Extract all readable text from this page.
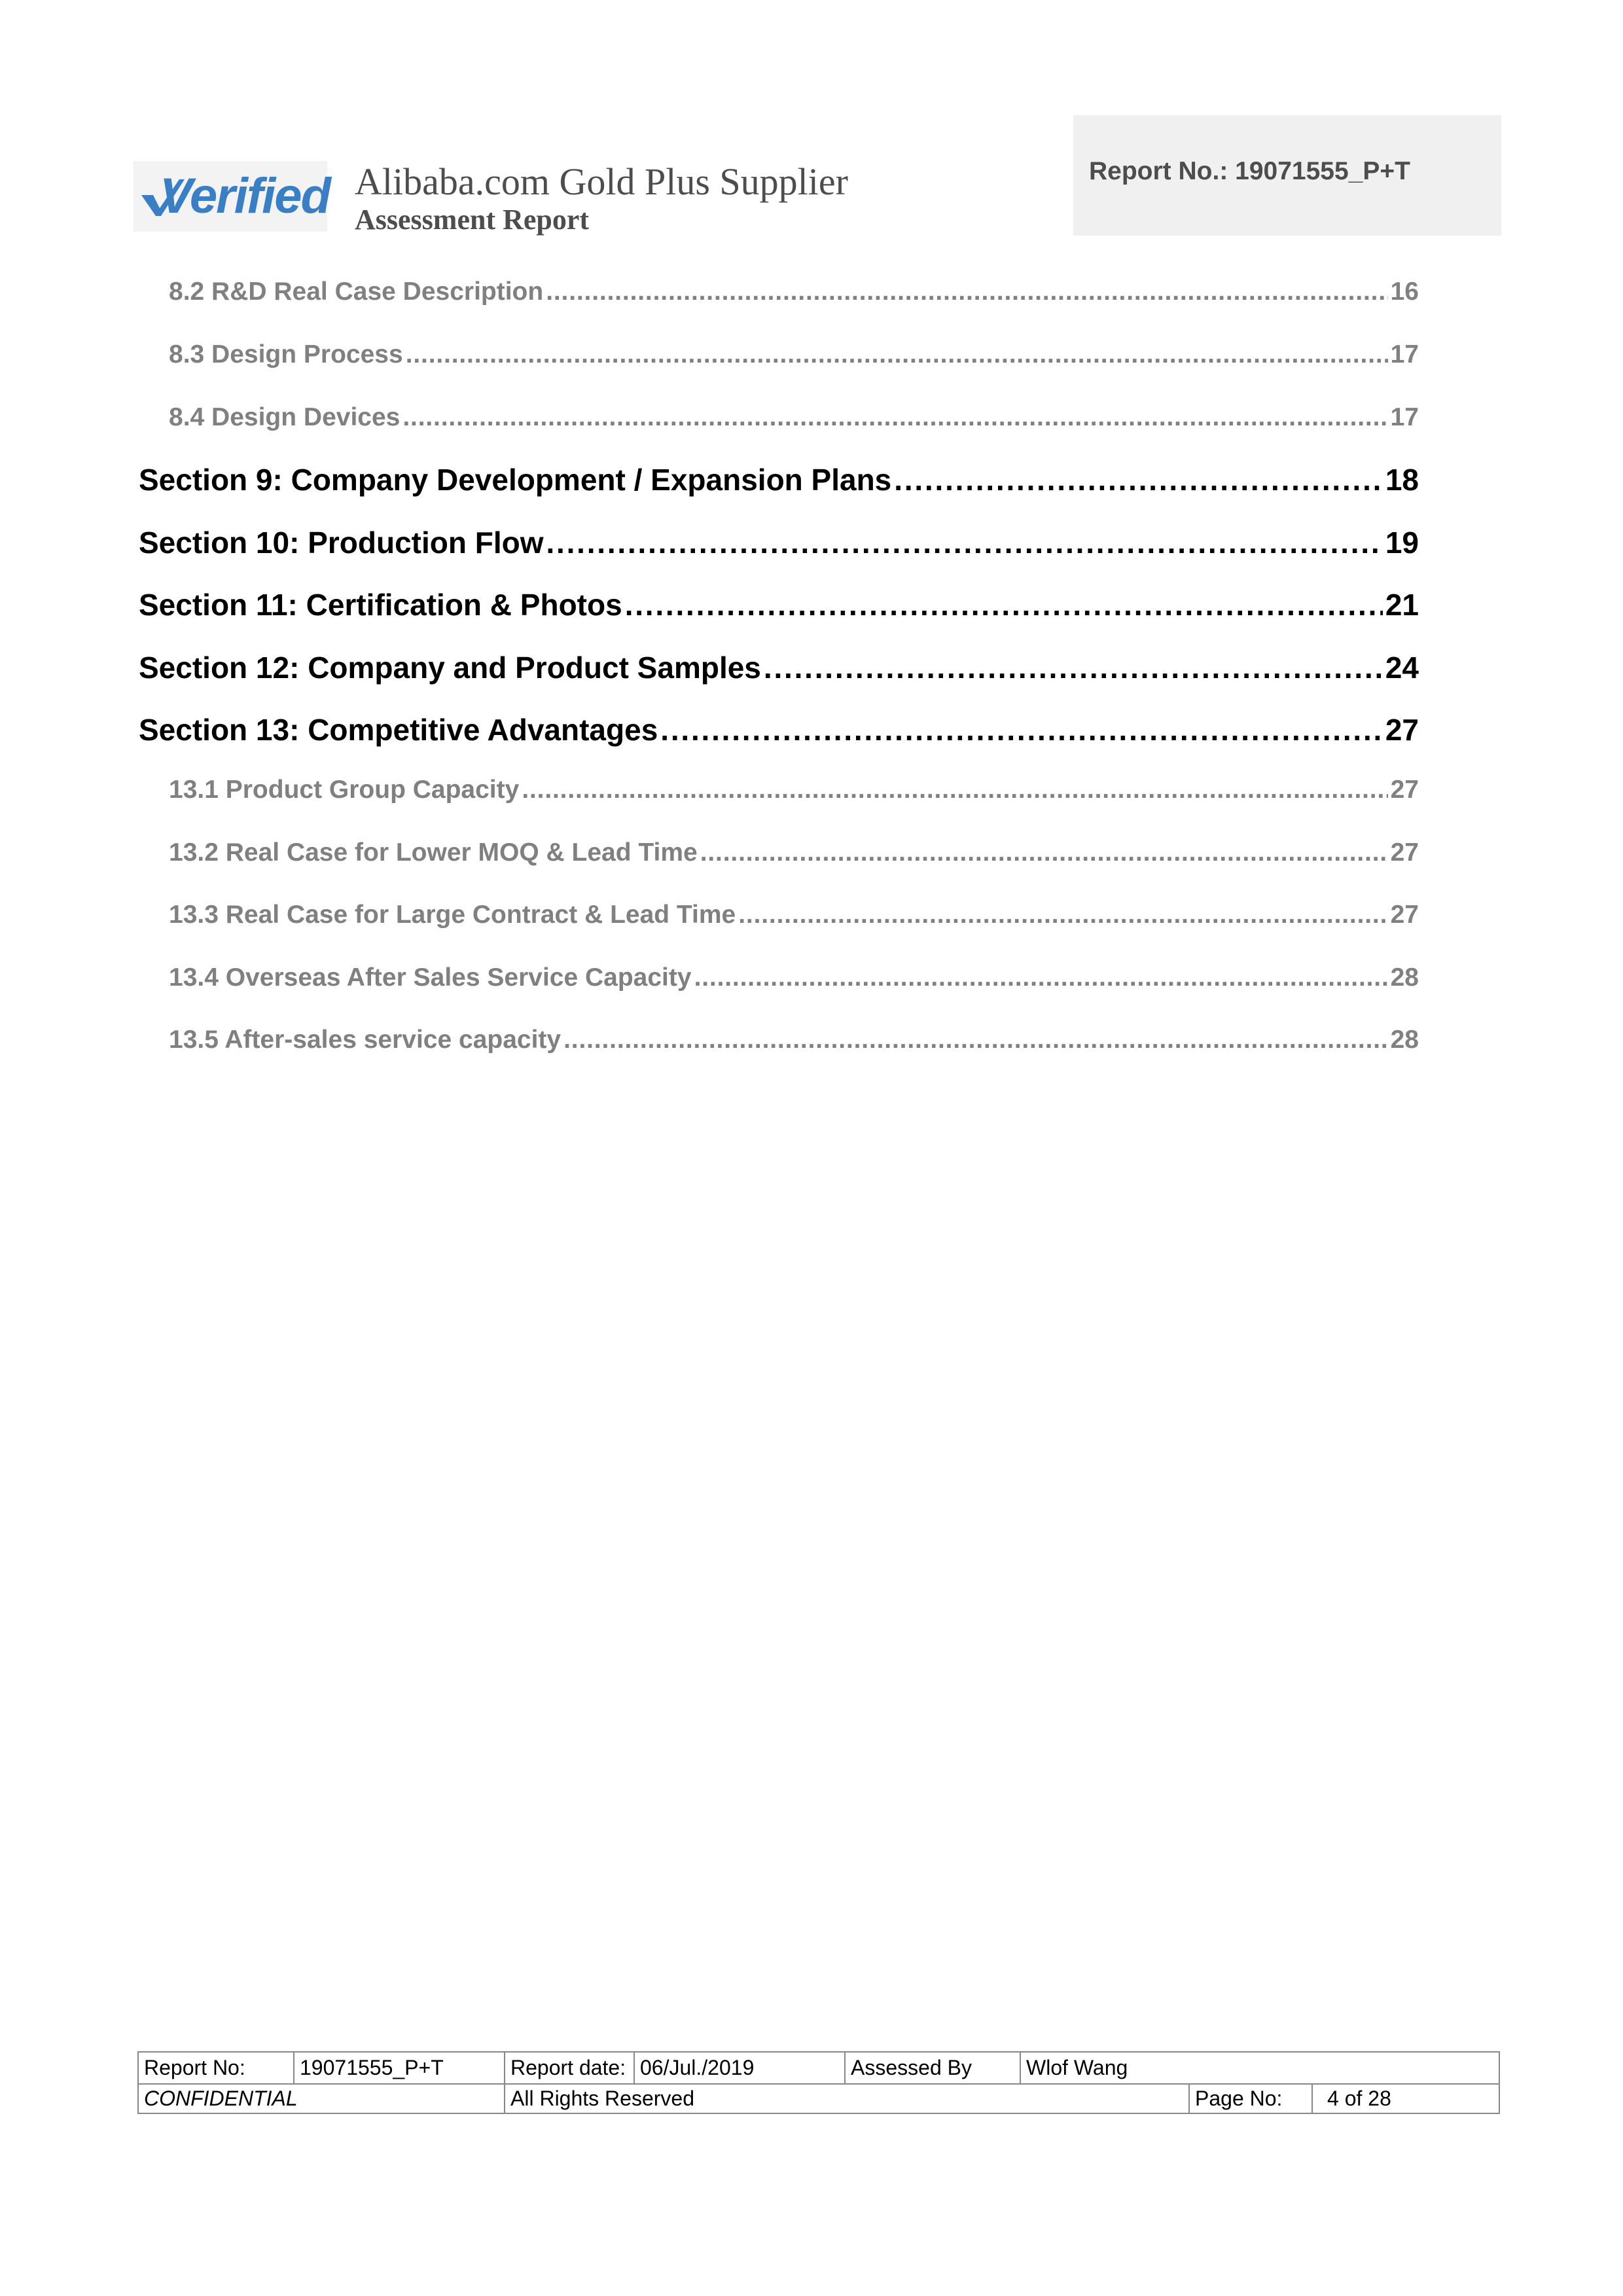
Verified Alibaba.com Gold Plus Supplier
Assessment Report
Report No.: 19071555_P+T
8.2 R&D Real Case Description . . .	16
8.3 Design Process . . .	17
8.4 Design Devices . . .	17
Section 9: Company Development / Expansion Plans . . .	18
Section 10: Production Flow . . .	19
Section 11: Certification & Photos . . .	21
Section 12: Company and Product Samples . . .	24
Section 13: Competitive Advantages . . .	27
13.1 Product Group Capacity . . .	27
13.2 Real Case for Lower MOQ & Lead Time . . .	27
13.3 Real Case for Large Contract & Lead Time . . .	27
13.4 Overseas After Sales Service Capacity . . .	28
13.5 After-sales service capacity . . .	28
Report No:	19071555_P+T	Report date: 06/Jul./2019	Assessed By	Wlof Wang
CONFIDENTIAL	All Rights Reserved	Page No:	4 of 28
